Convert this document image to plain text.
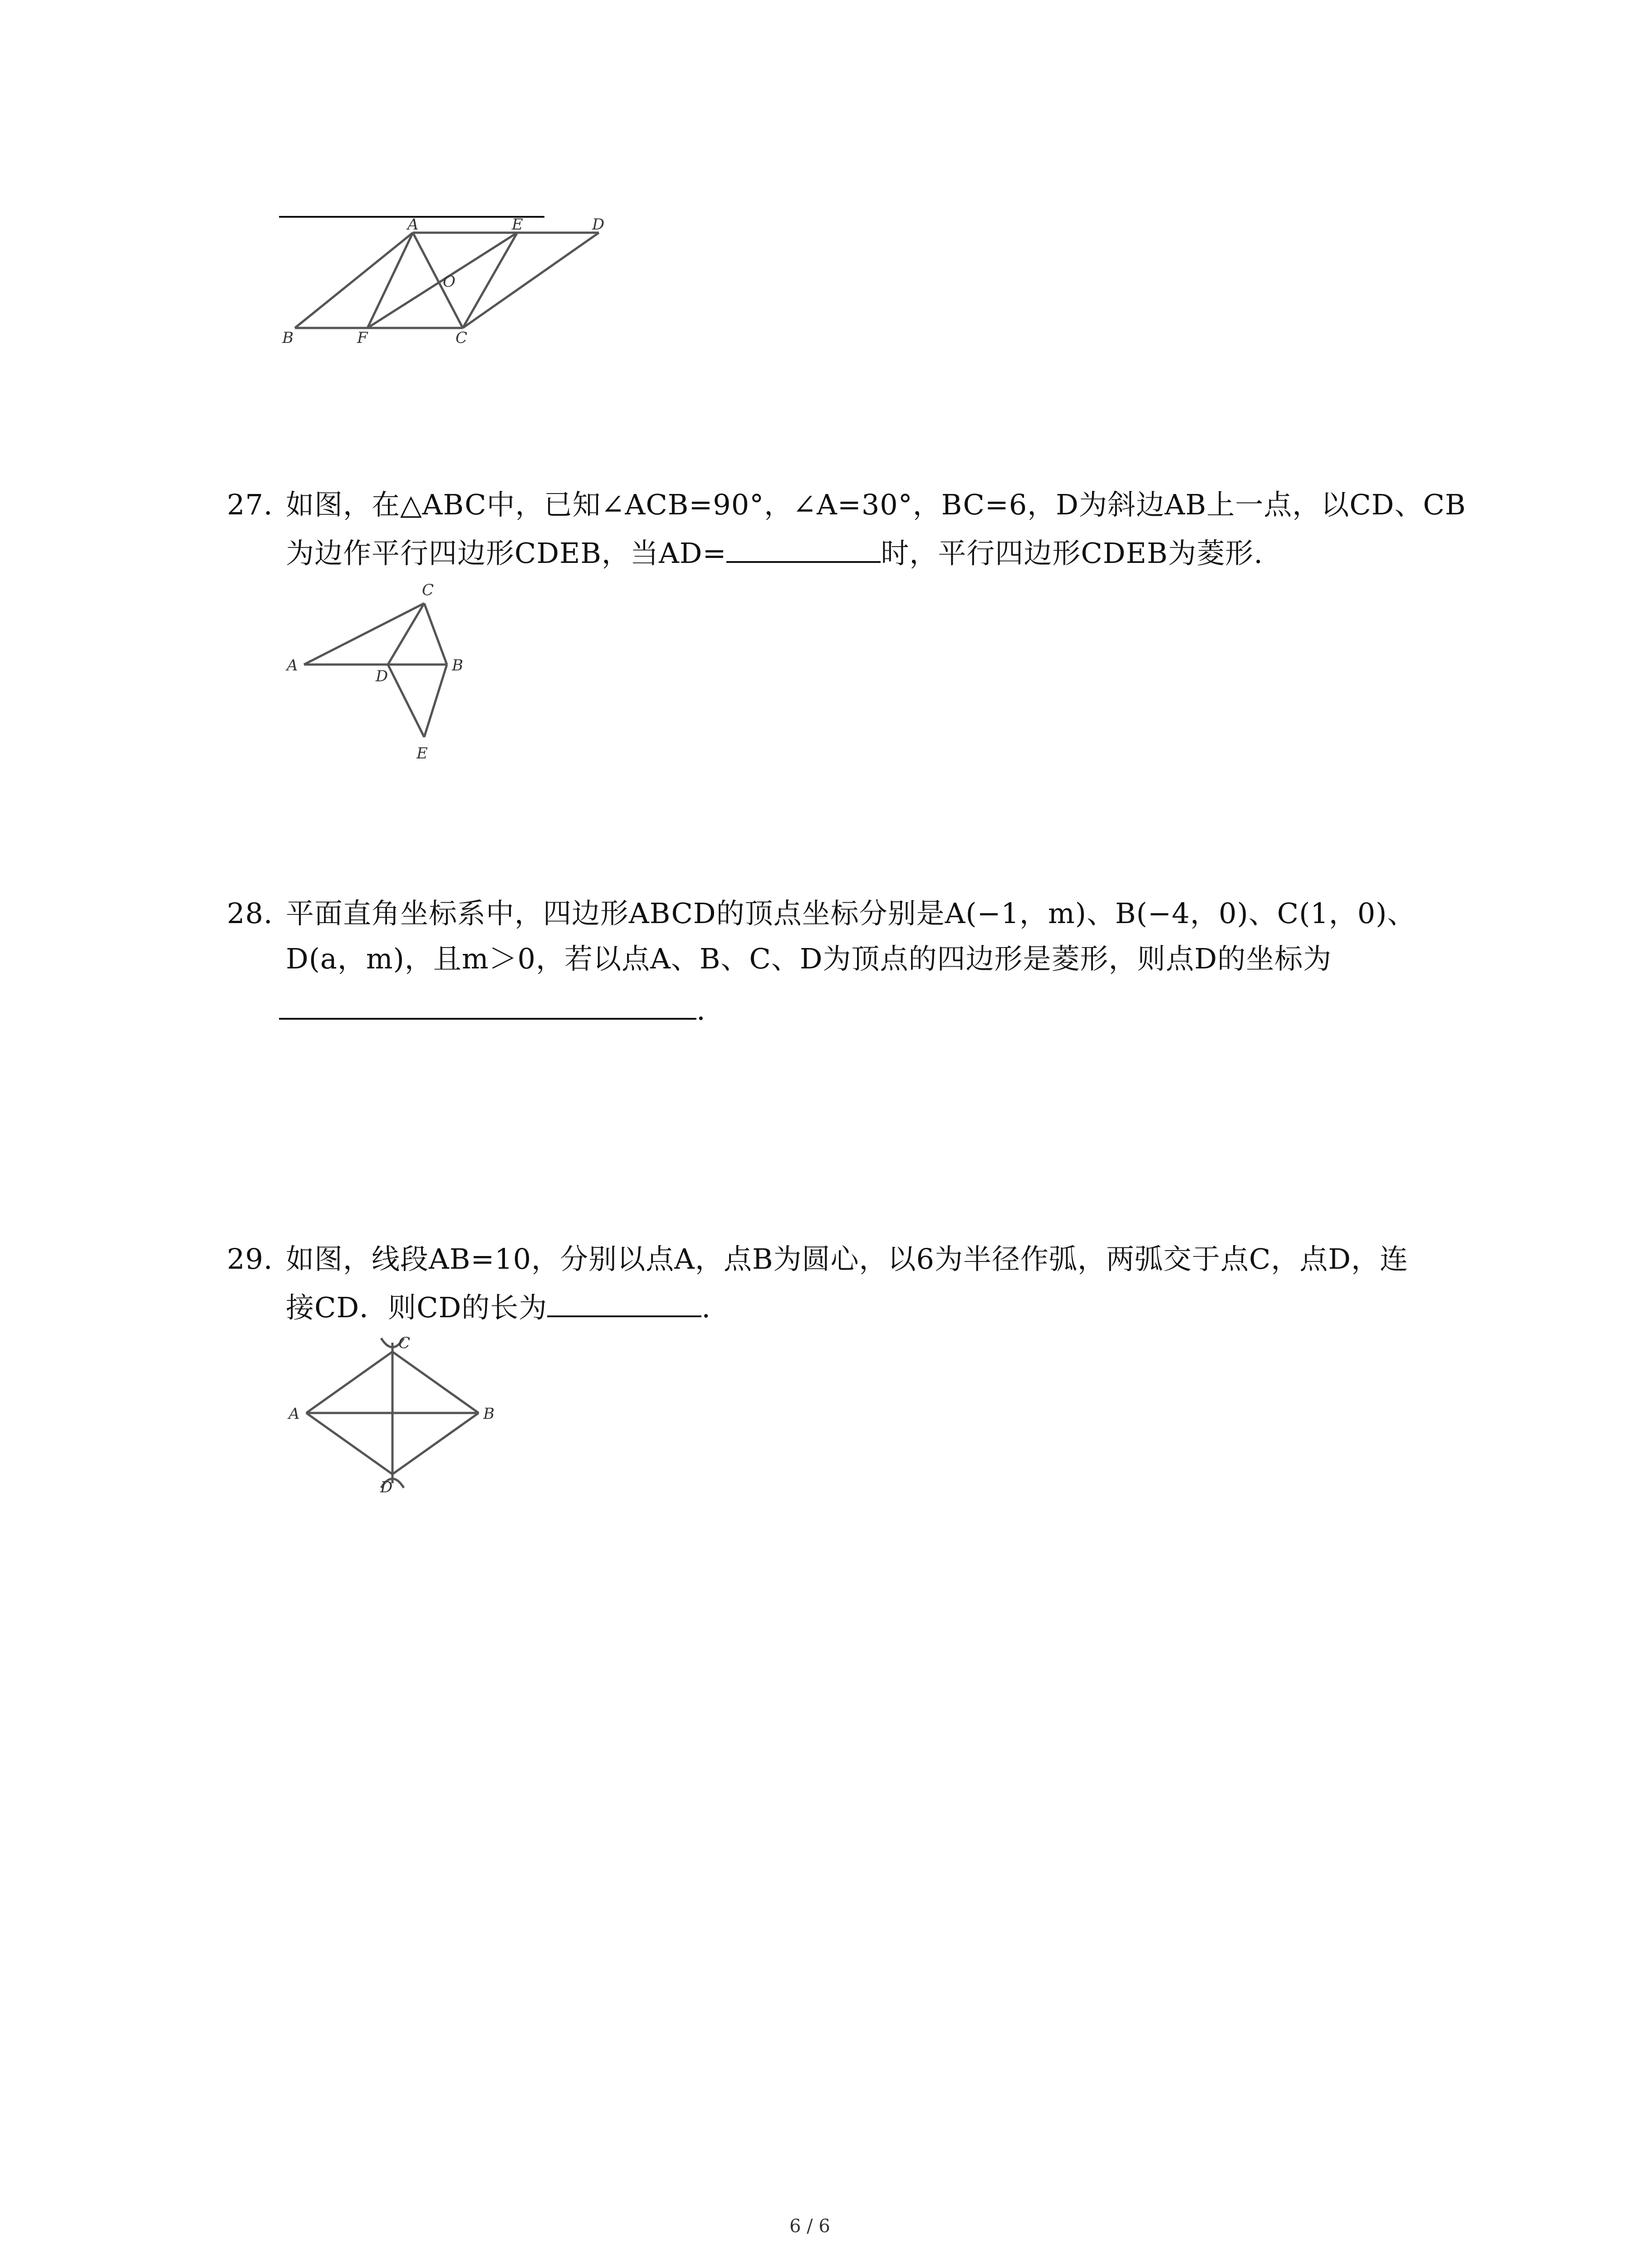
A	E	D
O
B	F	C
27. 如图，在△ABC中，已知∠ACB=90°，∠A=30°，BC=6，D为斜边AB上一点，以CD、CB
为边作平行四边形CDEB，当AD=	时，平行四边形CDEB为菱形.
C
A
D
B
E
28. 平面直角坐标系中，四边形ABCD的顶点坐标分别是A(−1，m)、B(−4，0)、C(1，0)、
D(a，m)，且m＞0，若以点A、B、C、D为顶点的四边形是菱形，则点D的坐标为
.
29. 如图，线段AB=10，分别以点A，点B为圆心，以6为半径作弧，两弧交于点C，点D，连
接CD．则CD的长为	.
C
A	B
D
6 / 6
